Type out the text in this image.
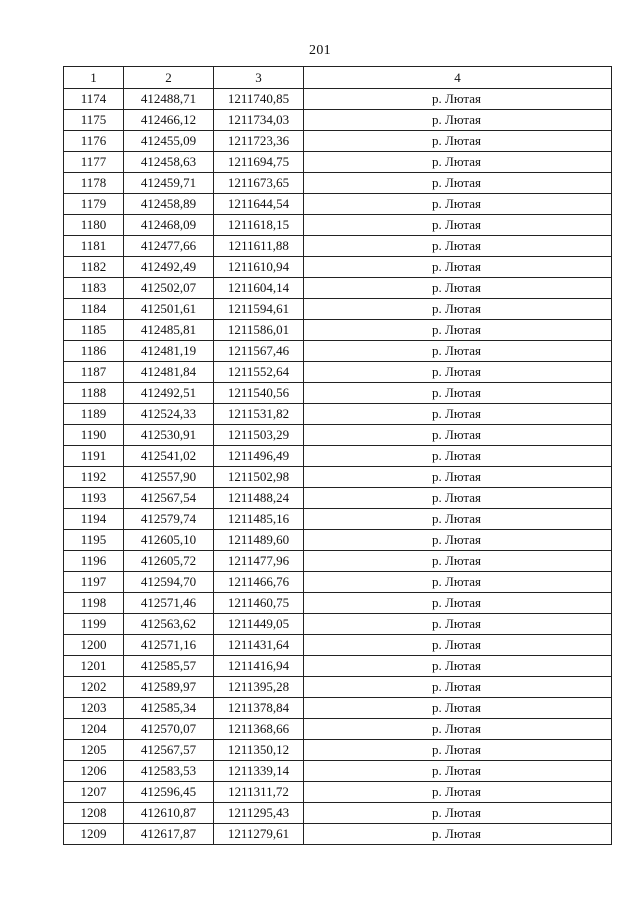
201
1	2	3	4
1174	412488,71	1211740,85	р. Лютая
1175	412466,12	1211734,03	р. Лютая
1176	412455,09	1211723,36	р. Лютая
1177	412458,63	1211694,75	р. Лютая
1178	412459,71	1211673,65	р. Лютая
1179	412458,89	1211644,54	р. Лютая
1180	412468,09	1211618,15	р. Лютая
1181	412477,66	1211611,88	р. Лютая
1182	412492,49	1211610,94	р. Лютая
1183	412502,07	1211604,14	р. Лютая
1184	412501,61	1211594,61	р. Лютая
1185	412485,81	1211586,01	р. Лютая
1186	412481,19	1211567,46	р. Лютая
1187	412481,84	1211552,64	р. Лютая
1188	412492,51	1211540,56	р. Лютая
1189	412524,33	1211531,82	р. Лютая
1190	412530,91	1211503,29	р. Лютая
1191	412541,02	1211496,49	р. Лютая
1192	412557,90	1211502,98	р. Лютая
1193	412567,54	1211488,24	р. Лютая
1194	412579,74	1211485,16	р. Лютая
1195	412605,10	1211489,60	р. Лютая
1196	412605,72	1211477,96	р. Лютая
1197	412594,70	1211466,76	р. Лютая
1198	412571,46	1211460,75	р. Лютая
1199	412563,62	1211449,05	р. Лютая
1200	412571,16	1211431,64	р. Лютая
1201	412585,57	1211416,94	р. Лютая
1202	412589,97	1211395,28	р. Лютая
1203	412585,34	1211378,84	р. Лютая
1204	412570,07	1211368,66	р. Лютая
1205	412567,57	1211350,12	р. Лютая
1206	412583,53	1211339,14	р. Лютая
1207	412596,45	1211311,72	р. Лютая
1208	412610,87	1211295,43	р. Лютая
1209	412617,87	1211279,61	р. Лютая
